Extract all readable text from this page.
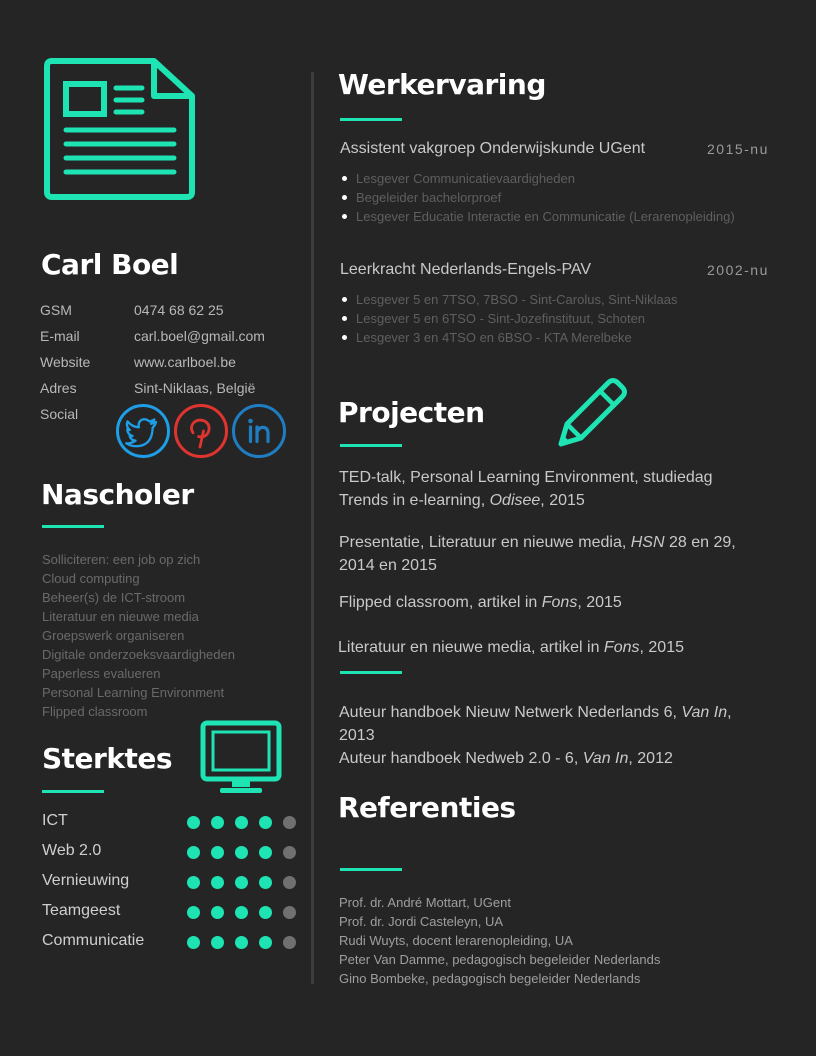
Carl Boel
GSM	0474 68 62 25
E-mail	carl.boel@gmail.com
Website	www.carlboel.be
Adres	Sint-Niklaas, België
Social
Nascholer
Solliciteren: een job op zich
Cloud computing
Beheer(s) de ICT-stroom
Literatuur en nieuwe media
Groepswerk organiseren
Digitale onderzoeksvaardigheden
Paperless evalueren
Personal Learning Environment
Flipped classroom
Sterktes
ICT
Web 2.0
Vernieuwing
Teamgeest
Communicatie
Werkervaring
Assistent vakgroep Onderwijskunde UGent	2015-nu
Lesgever Communicatievaardigheden
Begeleider bachelorproef
Lesgever Educatie Interactie en Communicatie (Lerarenopleiding)
Leerkracht Nederlands-Engels-PAV	2002-nu
Lesgever 5 en 7TSO, 7BSO - Sint-Carolus, Sint-Niklaas
Lesgever 5 en 6TSO - Sint-Jozefinstituut, Schoten
Lesgever 3 en 4TSO en 6BSO - KTA Merelbeke
Projecten
TED-talk, Personal Learning Environment, studiedag Trends in e-learning, Odisee, 2015
Presentatie, Literatuur en nieuwe media, HSN 28 en 29, 2014 en 2015
Flipped classroom, artikel in Fons, 2015
Literatuur en nieuwe media, artikel in Fons, 2015
Auteur handboek Nieuw Netwerk Nederlands 6, Van In, 2013
Auteur handboek Nedweb 2.0 - 6, Van In, 2012
Referenties
Prof. dr. André Mottart, UGent
Prof. dr. Jordi Casteleyn, UA
Rudi Wuyts, docent lerarenopleiding, UA
Peter Van Damme, pedagogisch begeleider Nederlands
Gino Bombeke, pedagogisch begeleider Nederlands
